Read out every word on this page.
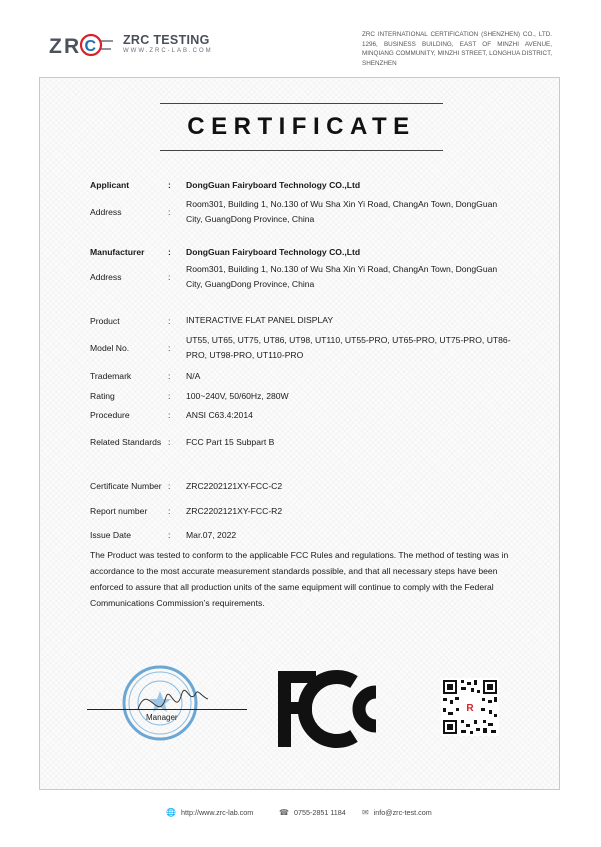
Z R C ZRC TESTING
WWW.ZRC-LAB.COM
ZRC INTERNATIONAL CERTIFICATION (SHENZHEN) CO., LTD. 1296, BUSINESS BUILDING, EAST OF MINZHI AVENUE, MINQIANG COMMUNITY, MINZHI STREET, LONGHUA DISTRICT, SHENZHEN
CERTIFICATE
Applicant	: DongGuan Fairyboard Technology CO.,Ltd
Address	:
Room301, Building 1, No.130 of Wu Sha Xin Yi Road, ChangAn Town, DongGuan City, GuangDong Province, China
Manufacturer	: DongGuan Fairyboard Technology CO.,Ltd
Address	:
Room301, Building 1, No.130 of Wu Sha Xin Yi Road, ChangAn Town, DongGuan City, GuangDong Province, China
Product	: INTERACTIVE FLAT PANEL DISPLAY
Model No.	:
UT55, UT65, UT75, UT86, UT98, UT110, UT55-PRO, UT65-PRO, UT75-PRO, UT86-PRO, UT98-PRO, UT110-PRO
Trademark	: N/A
Rating	: 100~240V, 50/60Hz, 280W
Procedure	: ANSI C63.4:2014
Related Standards : FCC Part 15 Subpart B
Certificate Number : ZRC2202121XY-FCC-C2
Report number : ZRC2202121XY-FCC-R2
Issue Date	: Mar.07, 2022
The Product was tested to conform to the applicable FCC Rules and regulations. The method of testing was in accordance to the most accurate measurement standards possible, and that all necessary steps have been enforced to assure that all production units of the same equipment will continue to comply with the Federal Communications Commission’s requirements.
Manager
R
🌐 http://www.zrc-lab.com	☎ 0755-2851 1184 ✉ info@zrc-test.com
